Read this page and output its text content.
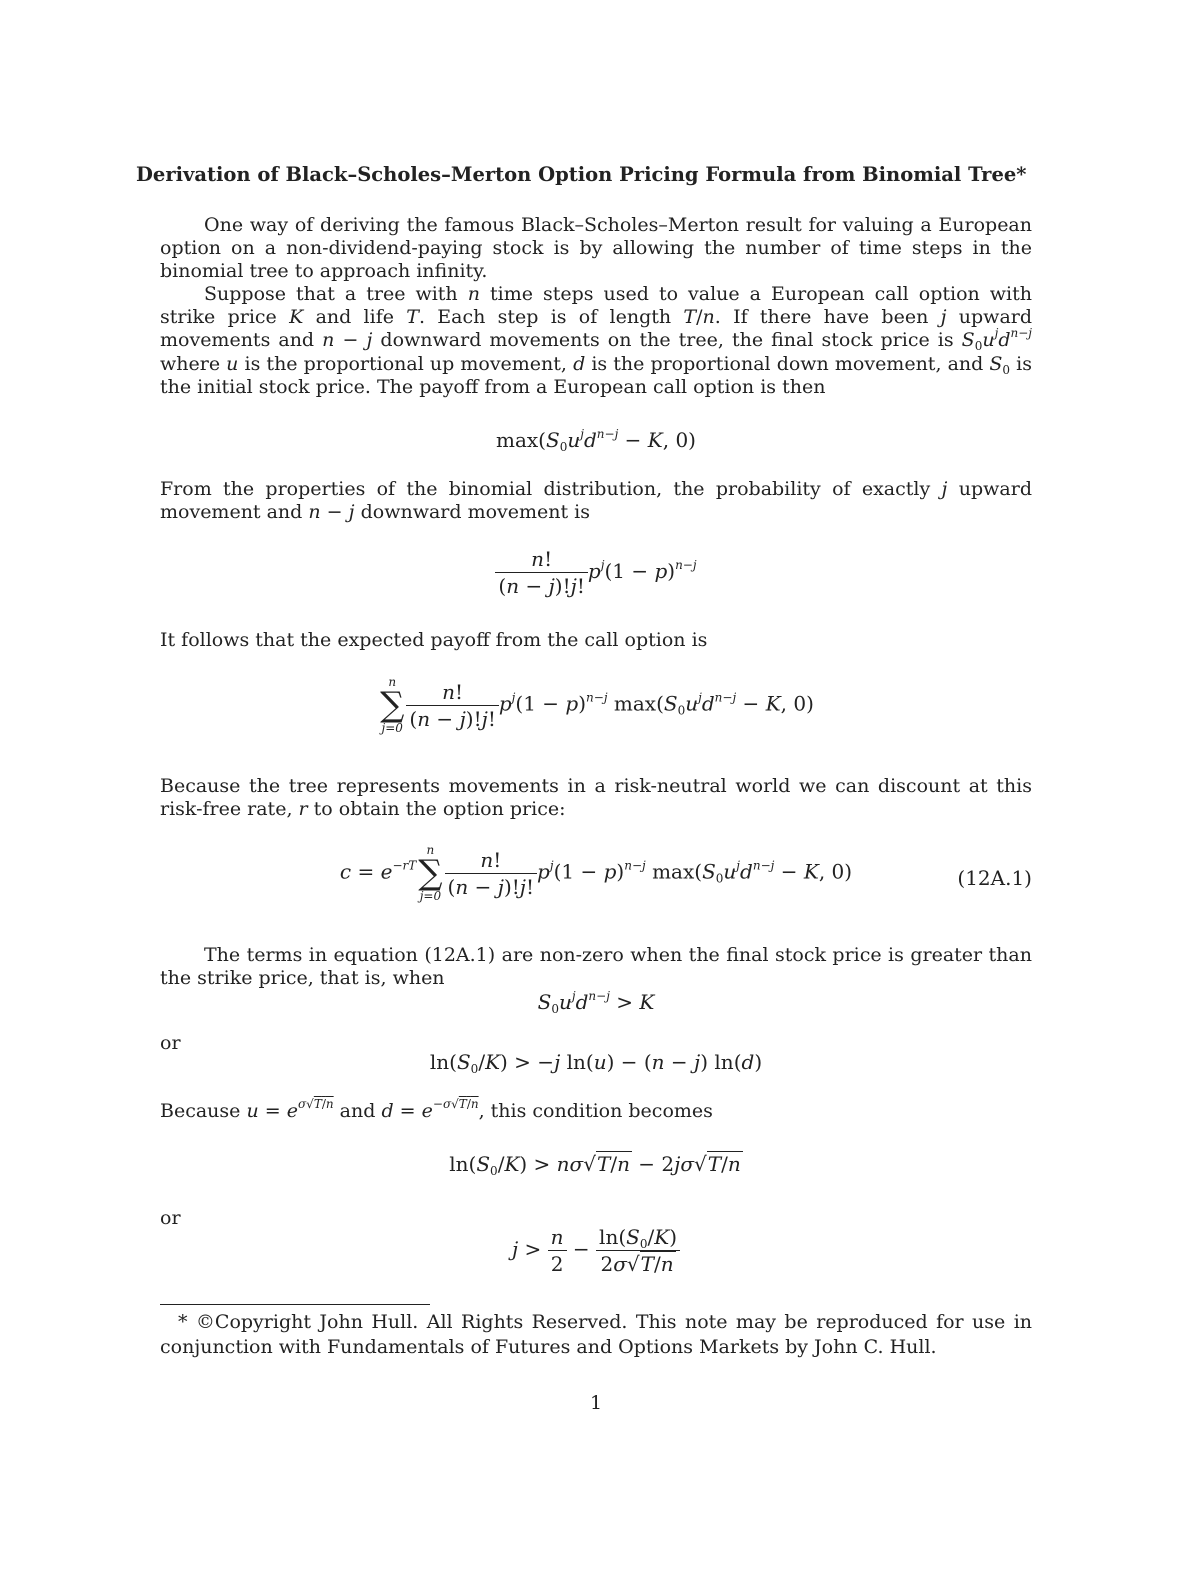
Derivation of Black–Scholes–Merton Option Pricing Formula from Binomial Tree*

One way of deriving the famous Black–Scholes–Merton result for valuing a European option on a non-dividend-paying stock is by allowing the number of time steps in the binomial tree to approach infinity.

Suppose that a tree with n time steps used to value a European call option with strike price K and life T. Each step is of length T/n. If there have been j upward movements and n − j downward movements on the tree, the final stock price is $S_0u^jd^{n-j}$ where u is the proportional up movement, d is the proportional down movement, and $S_0$ is the initial stock price. The payoff from a European call option is then

$\max(S_0u^jd^{n-j} - K$, 0)

From the properties of the binomial distribution, the probability of exactly j upward movement and n − j downward movement is

$\frac{n!}{(n - j)!j!} p^j(1 - p)^{n-j}$

It follows that the expected payoff from the call option is

n
∑
$j=0 \frac{n!}{(n - j)!j!} p^j(1 - p)^{n-j}$ $\max(S_0u^jd^{n-j} - K$, 0)

Because the tree represents movements in a risk-neutral world we can discount at this risk-free rate, r to obtain the option price:

$c = e^{-rT}$
n
∑
$j=0 \frac{n!}{(n - j)!j!} p^j(1 - p)^{n-j}$ $\max(S_0u^jd^{n-j} - K$, 0)	(12A.1)

The terms in equation (12A.1) are non-zero when the final stock price is greater than the strike price, that is, when

$S_0u^jd^{n-j} > K$
or
$\ln(S_0/K) > -j$ ln(u) − (n − j) ln(d)

Because $u = e^{\sigma√T/n}$ and $d = e^{-\sigma√T/n}$, this condition becomes

$\ln(S_0/K) > n\sigma√T/n - 2j\sigma√T/n$
or
$j > \frac{n}{2} - \frac{\ln(S_0/K)}{2\sigma√T/n}$
* ©Copyright John Hull. All Rights Reserved. This note may be reproduced for use in conjunction with Fundamentals of Futures and Options Markets by John C. Hull.
1
